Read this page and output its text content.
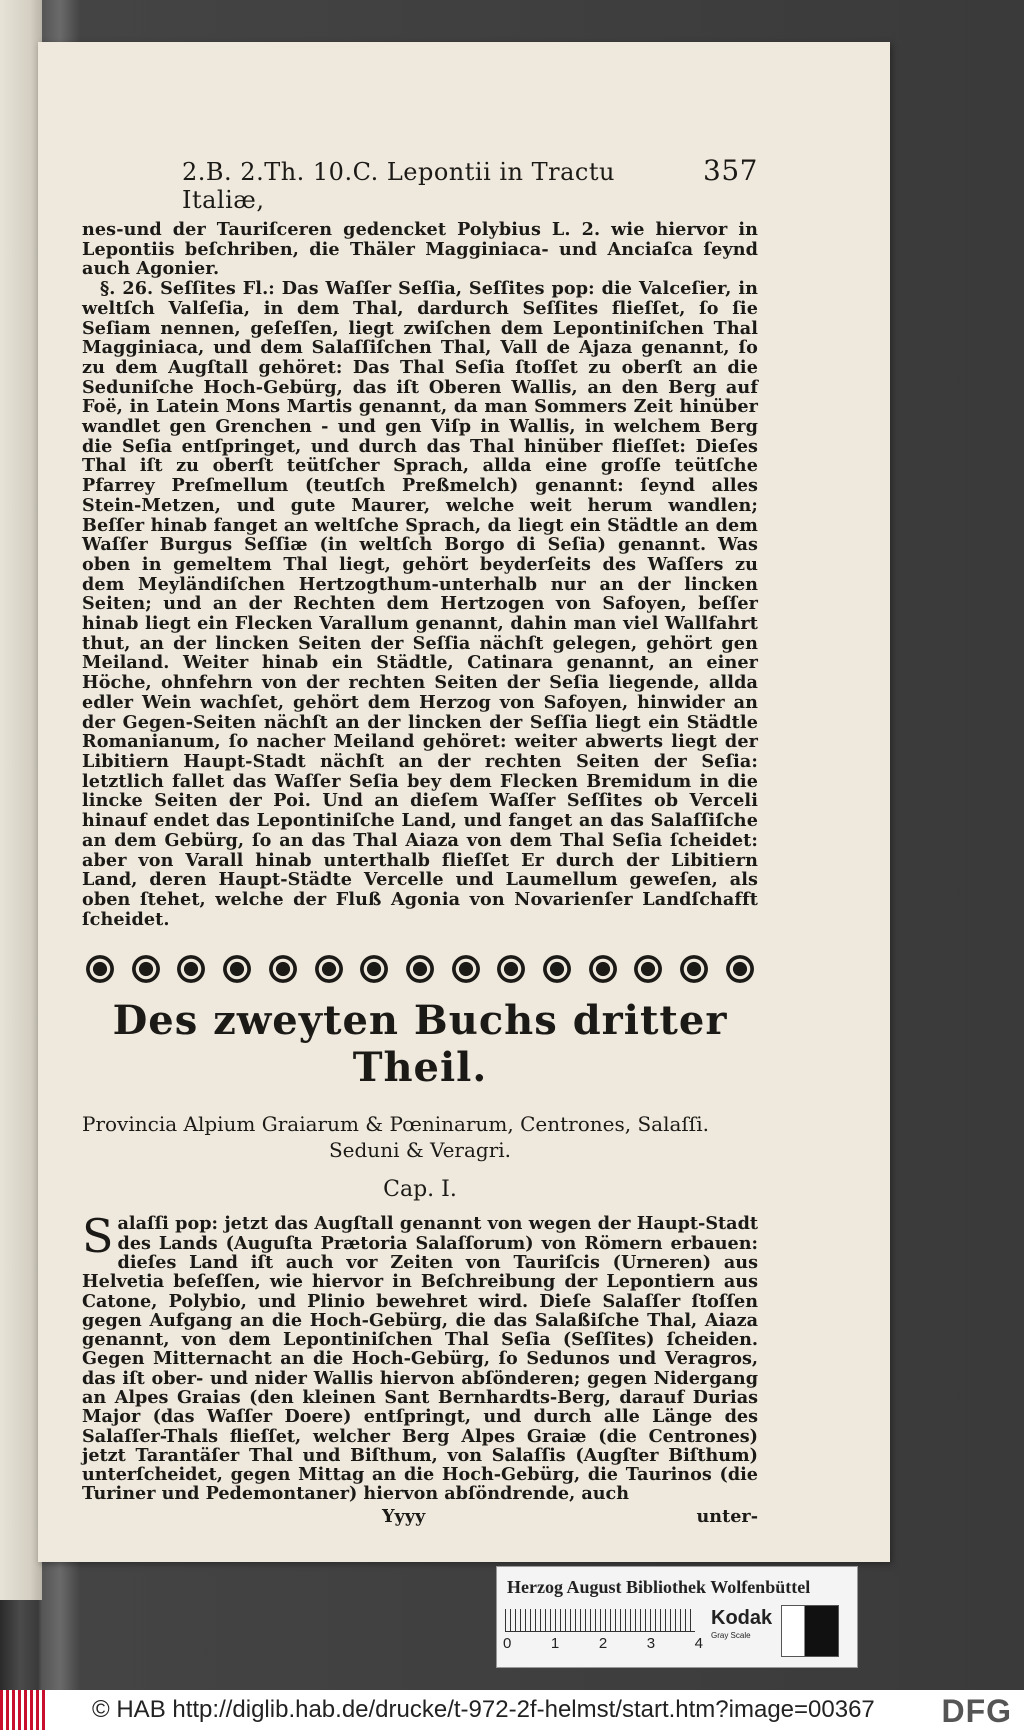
2.B. 2.Th. 10.C. Lepontii in Tractu Italiæ,
357

nes-und der Tauriſceren gedencket Polybius L. 2. wie hiervor in Lepontiis beſchriben, die Thäler Magginiaca- und Anciaſca ſeynd auch Agonier.

§. 26. Seſſites Fl.: Das Waſſer Seſſia, Seſſites pop: die Valceſier, in weltſch Valſeſia, in dem Thal, dardurch Seſſites flieſſet, ſo ſie Seſiam nennen, geſeſſen, liegt zwiſchen dem Lepontiniſchen Thal Magginiaca, und dem Salaſſiſchen Thal, Vall de Ajaza genannt, ſo zu dem Augſtall gehöret: Das Thal Seſia ſtoſſet zu oberſt an die Seduniſche Hoch-Gebürg, das iſt Oberen Wallis, an den Berg auf Foë, in Latein Mons Martis genannt, da man Sommers Zeit hinüber wandlet gen Grenchen - und gen Viſp in Wallis, in welchem Berg die Seſia entſpringet, und durch das Thal hinüber flieſſet: Dieſes Thal iſt zu oberſt teütſcher Sprach, allda eine groſſe teütſche Pfarrey Preſmellum (teutſch Preßmelch) genannt: ſeynd alles Stein-Metzen, und gute Maurer, welche weit herum wandlen; Beſſer hinab fanget an weltſche Sprach, da liegt ein Städtle an dem Waſſer Burgus Seſſiæ (in weltſch Borgo di Seſia) genannt. Was oben in gemeltem Thal liegt, gehört beyderſeits des Waſſers zu dem Meyländiſchen Hertzogthum-unterhalb nur an der lincken Seiten; und an der Rechten dem Hertzogen von Safoyen, beſſer hinab liegt ein Flecken Varallum genannt, dahin man viel Wallfahrt thut, an der lincken Seiten der Seſſia nächſt gelegen, gehört gen Meiland. Weiter hinab ein Städtle, Catinara genannt, an einer Höche, ohnfehrn von der rechten Seiten der Seſia liegende, allda edler Wein wachſet, gehört dem Herzog von Safoyen, hinwider an der Gegen-Seiten nächſt an der lincken der Seſſia liegt ein Städtle Romanianum, ſo nacher Meiland gehöret: weiter abwerts liegt der Libitiern Haupt-Stadt nächſt an der rechten Seiten der Seſia: letztlich fallet das Waſſer Seſia bey dem Flecken Bremidum in die lincke Seiten der Poi. Und an dieſem Waſſer Seſſites ob Verceli hinauf endet das Lepontiniſche Land, und fanget an das Salaſſiſche an dem Gebürg, ſo an das Thal Aiaza von dem Thal Seſia ſcheidet: aber von Varall hinab unterthalb flieſſet Er durch der Libitiern Land, deren Haupt-Städte Vercelle und Laumellum geweſen, als oben ſtehet, welche der Fluß Agonia von Novarienſer Landſchafft ſcheidet.

Des zweyten Buchs dritter Theil.
Provincia Alpium Graiarum & Pœninarum, Centrones, Salaſſi.
Seduni & Veragri.
Cap. I.

Salaſſi pop: jetzt das Augſtall genannt von wegen der Haupt-Stadt des Lands (Auguſta Prætoria Salaſſorum) von Römern erbauen: dieſes Land iſt auch vor Zeiten von Tauriſcis (Urneren) aus Helvetia beſeſſen, wie hiervor in Beſchreibung der Lepontiern aus Catone, Polybio, und Plinio bewehret wird. Dieſe Salaſſer ſtoſſen gegen Aufgang an die Hoch-Gebürg, die das Salaßiſche Thal, Aiaza genannt, von dem Lepontiniſchen Thal Seſia (Seſſites) ſcheiden. Gegen Mitternacht an die Hoch-Gebürg, ſo Sedunos und Veragros, das iſt ober- und nider Wallis hiervon abſönderen; gegen Nidergang an Alpes Graias (den kleinen Sant Bernhardts-Berg, darauf Durias Major (das Waſſer Doere) entſpringt, und durch alle Länge des Salaſſer-Thals flieſſet, welcher Berg Alpes Graiæ (die Centrones) jetzt Tarantäſer Thal und Biſthum, von Salaſſis (Augſter Biſthum) unterſcheidet, gegen Mittag an die Hoch-Gebürg, die Taurinos (die Turiner und Pedemontaner) hiervon abſöndrende, auch

Yyyy	unter-
Herzog August Bibliothek Wolfenbüttel
0	1	2	3	4
Kodak
Gray Scale
© HAB http://diglib.hab.de/drucke/t-972-2f-helmst/start.htm?image=00367 DFG
